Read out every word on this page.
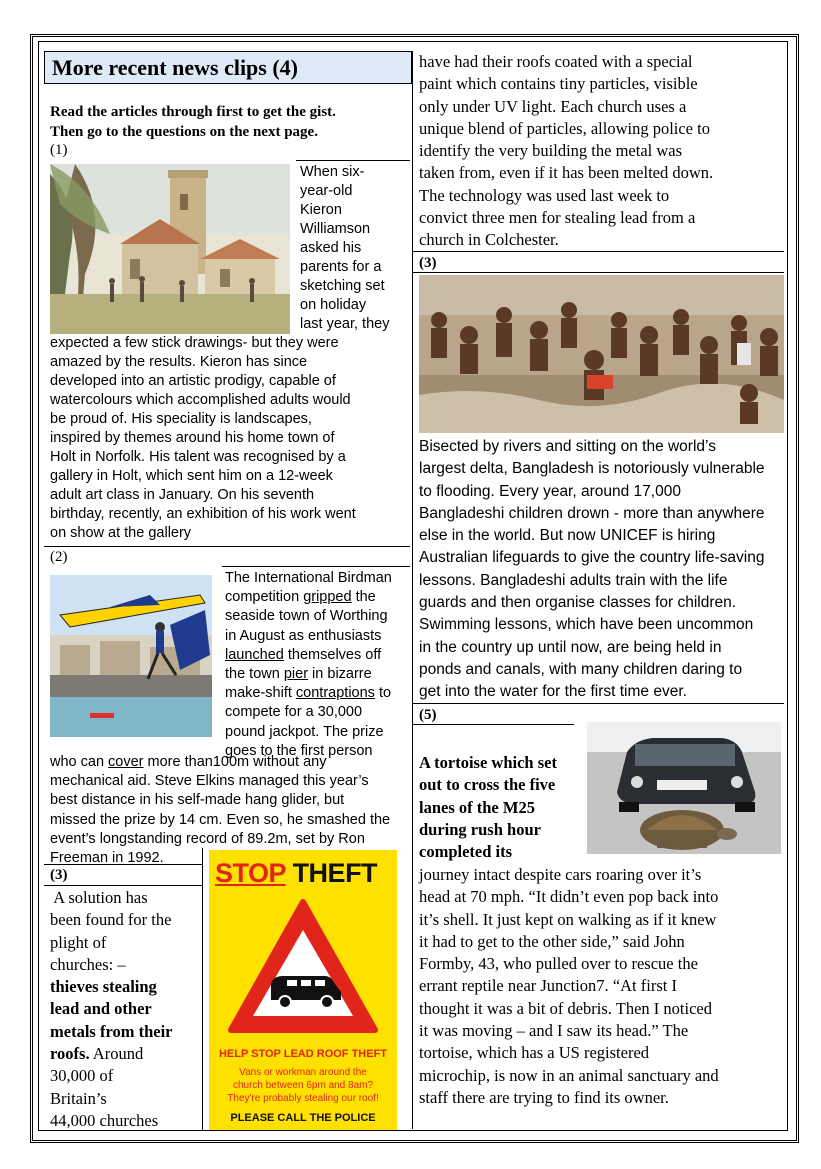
More recent news clips (4)
Read the articles through first to get the gist.
Then go to the questions on the next page.
(1)
When six-
year-old
Kieron
Williamson
asked his
parents for a
sketching set
on holiday
last year, they
expected a few stick drawings- but they were
amazed by the results. Kieron has since
developed into an artistic prodigy, capable of
watercolours which accomplished adults would
be proud of. His speciality is landscapes,
inspired by themes around his home town of
Holt in Norfolk. His talent was recognised by a
gallery in Holt, which sent him on a 12-week
adult art class in January. On his seventh
birthday, recently, an exhibition of his work went
on show at the gallery
(2)
The International Birdman
competition gripped the
seaside town of Worthing
in August as enthusiasts
launched themselves off
the town pier in bizarre
make-shift contraptions to
compete for a 30,000
pound jackpot. The prize
goes to the first person
who can cover more than100m without any
mechanical aid. Steve Elkins managed this year’s
best distance in his self-made hang glider, but
missed the prize by 14 cm. Even so, he smashed the
event’s longstanding record of 89.2m, set by Ron
Freeman in 1992.
(3)
A solution has
been found for the
plight of
churches: –
thieves stealing
lead and other
metals from their
roofs. Around
30,000 of
Britain’s
44,000 churches
STOP THEFT
HELP STOP LEAD ROOF THEFT
Vans or workman around the
church between 6pm and 8am?
They're probably stealing our roof!
PLEASE CALL THE POLICE
have had their roofs coated with a special
paint which contains tiny particles, visible
only under UV light. Each church uses a
unique blend of particles, allowing police to
identify the very building the metal was
taken from, even if it has been melted down.
The technology was used last week to
convict three men for stealing lead from a
church in Colchester.
(3)
Bisected by rivers and sitting on the world’s
largest delta, Bangladesh is notoriously vulnerable
to flooding. Every year, around 17,000
Bangladeshi children drown - more than anywhere
else in the world. But now UNICEF is hiring
Australian lifeguards to give the country life-saving
lessons. Bangladeshi adults train with the life
guards and then organise classes for children.
Swimming lessons, which have been uncommon
in the country up until now, are being held in
ponds and canals, with many children daring to
get into the water for the first time ever.
(5)
A tortoise which set
out to cross the five
lanes of the M25
during rush hour
completed its
journey intact despite cars roaring over it’s
head at 70 mph. “It didn’t even pop back into
it’s shell. It just kept on walking as if it knew
it had to get to the other side,” said John
Formby, 43, who pulled over to rescue the
errant reptile near Junction7. “At first I
thought it was a bit of debris. Then I noticed
it was moving – and I saw its head.” The
tortoise, which has a US registered
microchip, is now in an animal sanctuary and
staff there are trying to find its owner.
